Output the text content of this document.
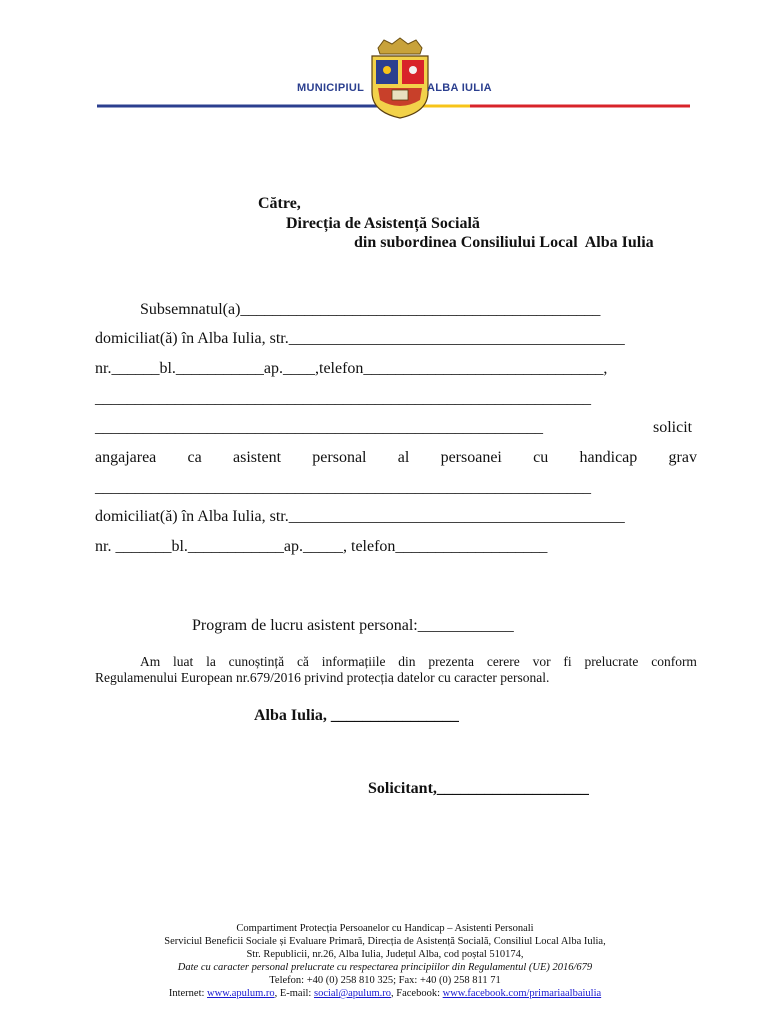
MUNICIPIUL	ALBA IULIA
Către,
Direcția de Asistență Socială
din subordinea Consiliului Local  Alba Iulia
Subsemnatul(a)_____________________________________________
domiciliat(ă) în Alba Iulia, str.__________________________________________
nr.______bl.___________ap.____,telefon______________________________,
______________________________________________________________
________________________________________________________	solicit
angajarea ca asistent personal al persoanei cu handicap grav
______________________________________________________________
domiciliat(ă) în Alba Iulia, str.__________________________________________
nr. _______bl.____________ap._____, telefon___________________
Program de lucru asistent personal:____________
Am luat la cunoștință că informațiile din prezenta cerere vor fi prelucrate conform
Regulamenului European nr.679/2016 privind protecția datelor cu caracter personal.
Alba Iulia, ________________
Solicitant,___________________
Compartiment Protecția Persoanelor cu Handicap – Asistenti Personali
Serviciul Beneficii Sociale și Evaluare Primară, Direcția de Asistență Socială, Consiliul Local Alba Iulia,
Str. Republicii, nr.26, Alba Iulia, Județul Alba, cod poștal 510174,
Date cu caracter personal prelucrate cu respectarea principiilor din Regulamentul (UE) 2016/679
Telefon: +40 (0) 258 810 325; Fax: +40 (0) 258 811 71
Internet: www.apulum.ro, E-mail: social@apulum.ro, Facebook: www.facebook.com/primariaalbaiulia
